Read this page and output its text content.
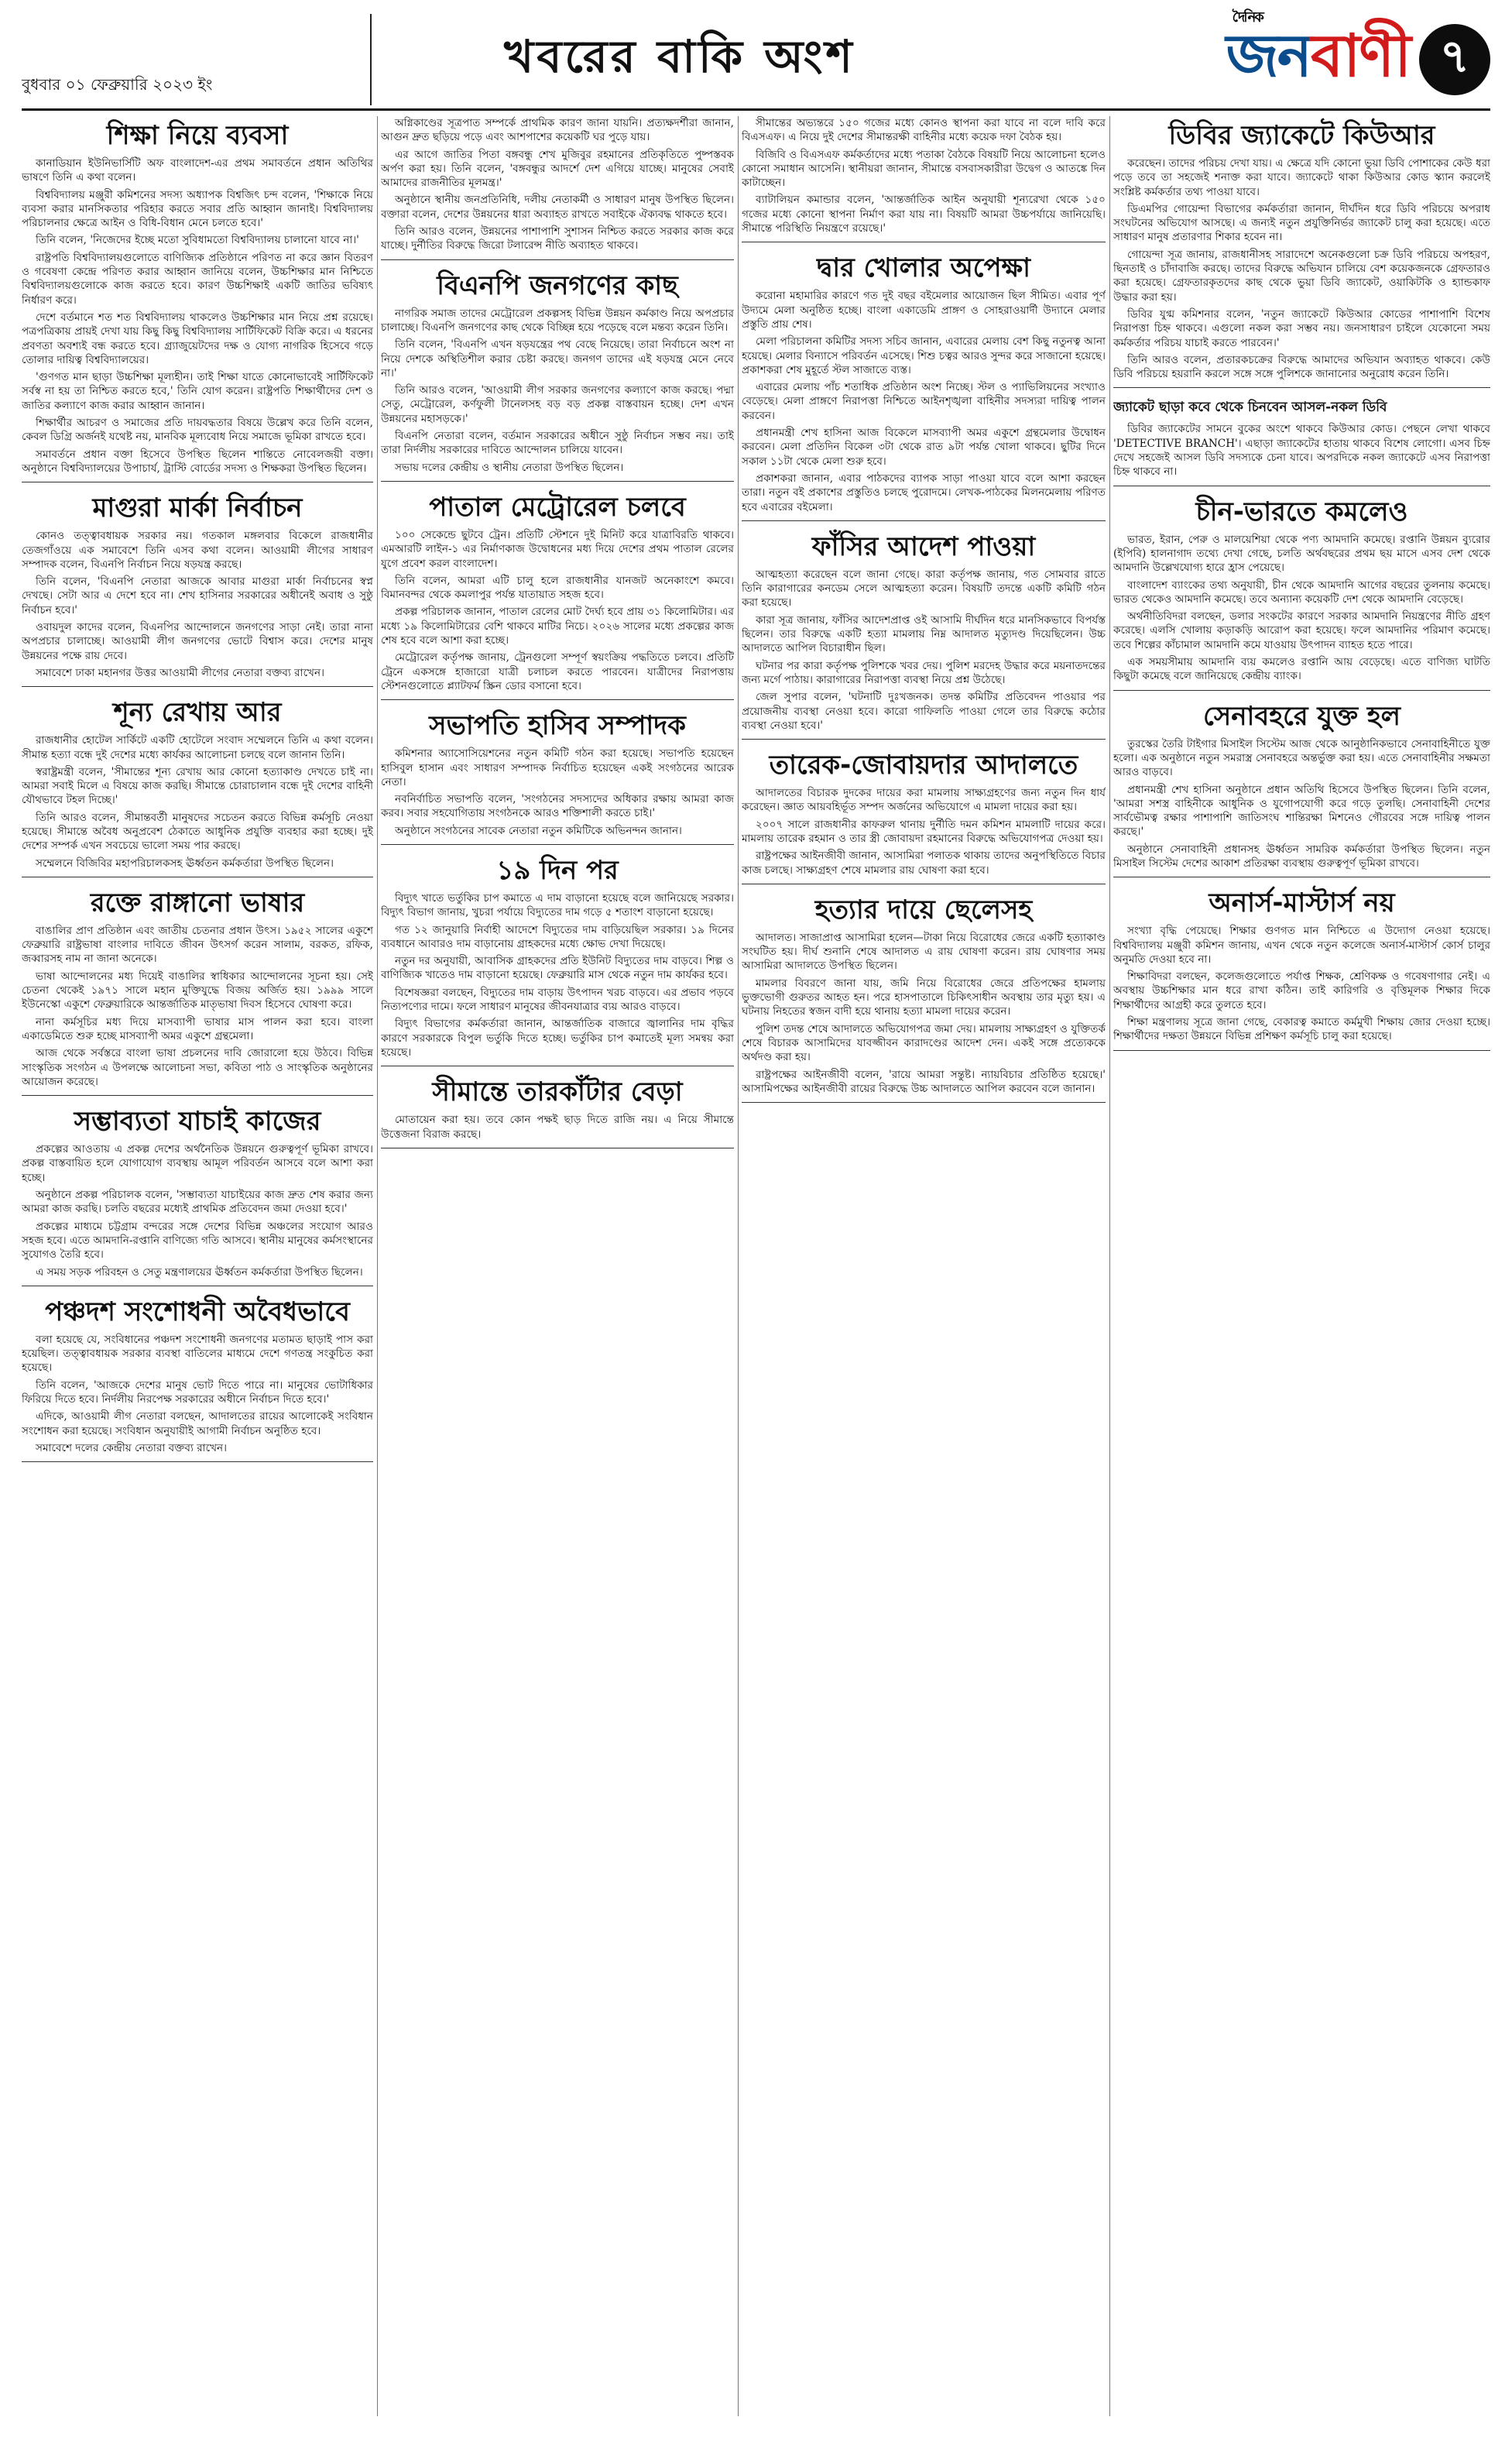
বুধবার ০১ ফেব্রুয়ারি ২০২৩ ইং
খবরের বাকি অংশ
দৈনিক
জনবাণী ৭
শিক্ষা নিয়ে ব্যবসা

কানাডিয়ান ইউনিভার্সিটি অফ বাংলাদেশ-এর প্রথম সমাবর্তনে প্রধান অতিথির ভাষণে তিনি এ কথা বলেন।

বিশ্ববিদ্যালয় মঞ্জুরী কমিশনের সদস্য অধ্যাপক বিশ্বজিৎ চন্দ বলেন, 'শিক্ষাকে নিয়ে ব্যবসা করার মানসিকতার পরিহার করতে সবার প্রতি আহ্বান জানাই। বিশ্ববিদ্যালয় পরিচালনার ক্ষেত্রে আইন ও বিধি-বিধান মেনে চলতে হবে।'

তিনি বলেন, 'নিজেদের ইচ্ছে মতো সুবিধামতো বিশ্ববিদ্যালয় চালানো যাবে না।'

রাষ্ট্রপতি বিশ্ববিদ্যালয়গুলোতে বাণিজ্যিক প্রতিষ্ঠানে পরিণত না করে জ্ঞান বিতরণ ও গবেষণা কেন্দ্রে পরিণত করার আহ্বান জানিয়ে বলেন, উচ্চশিক্ষার মান নিশ্চিতে বিশ্ববিদ্যালয়গুলোকে কাজ করতে হবে। কারণ উচ্চশিক্ষাই একটি জাতির ভবিষ্যৎ নির্ধারণ করে।

দেশে বর্তমানে শত শত বিশ্ববিদ্যালয় থাকলেও উচ্চশিক্ষার মান নিয়ে প্রশ্ন রয়েছে। পত্রপত্রিকায় প্রায়ই দেখা যায় কিছু কিছু বিশ্ববিদ্যালয় সার্টিফিকেট বিক্রি করে। এ ধরনের প্রবণতা অবশ্যই বন্ধ করতে হবে। গ্র্যাজুয়েটদের দক্ষ ও যোগ্য নাগরিক হিসেবে গড়ে তোলার দায়িত্ব বিশ্ববিদ্যালয়ের।

'গুণগত মান ছাড়া উচ্চশিক্ষা মূল্যহীন। তাই শিক্ষা যাতে কোনোভাবেই সার্টিফিকেট সর্বস্ব না হয় তা নিশ্চিত করতে হবে,' তিনি যোগ করেন। রাষ্ট্রপতি শিক্ষার্থীদের দেশ ও জাতির কল্যাণে কাজ করার আহ্বান জানান।

শিক্ষার্থীর আচরণ ও সমাজের প্রতি দায়বদ্ধতার বিষয়ে উল্লেখ করে তিনি বলেন, কেবল ডিগ্রি অর্জনই যথেষ্ট নয়, মানবিক মূল্যবোধ নিয়ে সমাজে ভূমিকা রাখতে হবে।

সমাবর্তনে প্রধান বক্তা হিসেবে উপস্থিত ছিলেন শান্তিতে নোবেলজয়ী বক্তা। অনুষ্ঠানে বিশ্ববিদ্যালয়ের উপাচার্য, ট্রাস্টি বোর্ডের সদস্য ও শিক্ষকরা উপস্থিত ছিলেন।

মাগুরা মার্কা নির্বাচন

কোনও তত্ত্বাবধায়ক সরকার নয়। গতকাল মঙ্গলবার বিকেলে রাজধানীর তেজগাঁওয়ে এক সমাবেশে তিনি এসব কথা বলেন। আওয়ামী লীগের সাধারণ সম্পাদক বলেন, বিএনপি নির্বাচন নিয়ে ষড়যন্ত্র করছে।

তিনি বলেন, 'বিএনপি নেতারা আজকে আবার মাগুরা মার্কা নির্বাচনের স্বপ্ন দেখছে। সেটা আর এ দেশে হবে না। শেখ হাসিনার সরকারের অধীনেই অবাধ ও সুষ্ঠু নির্বাচন হবে।'

ওবায়দুল কাদের বলেন, বিএনপির আন্দোলনে জনগণের সাড়া নেই। তারা নানা অপপ্রচার চালাচ্ছে। আওয়ামী লীগ জনগণের ভোটে বিশ্বাস করে। দেশের মানুষ উন্নয়নের পক্ষে রায় দেবে।

সমাবেশে ঢাকা মহানগর উত্তর আওয়ামী লীগের নেতারা বক্তব্য রাখেন।

শূন্য রেখায় আর

রাজধানীর হোটেল সার্কিটে একটি হোটেলে সংবাদ সম্মেলনে তিনি এ কথা বলেন। সীমান্ত হত্যা বন্ধে দুই দেশের মধ্যে কার্যকর আলোচনা চলছে বলে জানান তিনি।

স্বরাষ্ট্রমন্ত্রী বলেন, 'সীমান্তের শূন্য রেখায় আর কোনো হত্যাকাণ্ড দেখতে চাই না। আমরা সবাই মিলে এ বিষয়ে কাজ করছি। সীমান্তে চোরাচালান বন্ধে দুই দেশের বাহিনী যৌথভাবে টহল দিচ্ছে।'

তিনি আরও বলেন, সীমান্তবর্তী মানুষদের সচেতন করতে বিভিন্ন কর্মসূচি নেওয়া হয়েছে। সীমান্তে অবৈধ অনুপ্রবেশ ঠেকাতে আধুনিক প্রযুক্তি ব্যবহার করা হচ্ছে। দুই দেশের সম্পর্ক এখন সবচেয়ে ভালো সময় পার করছে।

সম্মেলনে বিজিবির মহাপরিচালকসহ ঊর্ধ্বতন কর্মকর্তারা উপস্থিত ছিলেন।

রক্তে রাঙ্গানো ভাষার

বাঙালির প্রাণ প্রতিষ্ঠান এবং জাতীয় চেতনার প্রধান উৎস। ১৯৫২ সালের একুশে ফেব্রুয়ারি রাষ্ট্রভাষা বাংলার দাবিতে জীবন উৎসর্গ করেন সালাম, বরকত, রফিক, জব্বারসহ নাম না জানা অনেকে।

ভাষা আন্দোলনের মধ্য দিয়েই বাঙালির স্বাধিকার আন্দোলনের সূচনা হয়। সেই চেতনা থেকেই ১৯৭১ সালে মহান মুক্তিযুদ্ধে বিজয় অর্জিত হয়। ১৯৯৯ সালে ইউনেস্কো একুশে ফেব্রুয়ারিকে আন্তর্জাতিক মাতৃভাষা দিবস হিসেবে ঘোষণা করে।

নানা কর্মসূচির মধ্য দিয়ে মাসব্যাপী ভাষার মাস পালন করা হবে। বাংলা একাডেমিতে শুরু হচ্ছে মাসব্যাপী অমর একুশে গ্রন্থমেলা।

আজ থেকে সর্বস্তরে বাংলা ভাষা প্রচলনের দাবি জোরালো হয়ে উঠবে। বিভিন্ন সাংস্কৃতিক সংগঠন এ উপলক্ষে আলোচনা সভা, কবিতা পাঠ ও সাংস্কৃতিক অনুষ্ঠানের আয়োজন করেছে।

সম্ভাব্যতা যাচাই কাজের

প্রকল্পের আওতায় এ প্রকল্প দেশের অর্থনৈতিক উন্নয়নে গুরুত্বপূর্ণ ভূমিকা রাখবে। প্রকল্প বাস্তবায়িত হলে যোগাযোগ ব্যবস্থায় আমূল পরিবর্তন আসবে বলে আশা করা হচ্ছে।

অনুষ্ঠানে প্রকল্প পরিচালক বলেন, 'সম্ভাব্যতা যাচাইয়ের কাজ দ্রুত শেষ করার জন্য আমরা কাজ করছি। চলতি বছরের মধ্যেই প্রাথমিক প্রতিবেদন জমা দেওয়া হবে।'

প্রকল্পের মাধ্যমে চট্টগ্রাম বন্দরের সঙ্গে দেশের বিভিন্ন অঞ্চলের সংযোগ আরও সহজ হবে। এতে আমদানি-রপ্তানি বাণিজ্যে গতি আসবে। স্থানীয় মানুষের কর্মসংস্থানের সুযোগও তৈরি হবে।

এ সময় সড়ক পরিবহন ও সেতু মন্ত্রণালয়ের ঊর্ধ্বতন কর্মকর্তারা উপস্থিত ছিলেন।

পঞ্চদশ সংশোধনী অবৈধভাবে

বলা হয়েছে যে, সংবিধানের পঞ্চদশ সংশোধনী জনগণের মতামত ছাড়াই পাস করা হয়েছিল। তত্ত্বাবধায়ক সরকার ব্যবস্থা বাতিলের মাধ্যমে দেশে গণতন্ত্র সংকুচিত করা হয়েছে।

তিনি বলেন, 'আজকে দেশের মানুষ ভোট দিতে পারে না। মানুষের ভোটাধিকার ফিরিয়ে দিতে হবে। নির্দলীয় নিরপেক্ষ সরকারের অধীনে নির্বাচন দিতে হবে।'

এদিকে, আওয়ামী লীগ নেতারা বলছেন, আদালতের রায়ের আলোকেই সংবিধান সংশোধন করা হয়েছে। সংবিধান অনুযায়ীই আগামী নির্বাচন অনুষ্ঠিত হবে।

সমাবেশে দলের কেন্দ্রীয় নেতারা বক্তব্য রাখেন।

অগ্নিকাণ্ডের সূত্রপাত সম্পর্কে প্রাথমিক কারণ জানা যায়নি। প্রত্যক্ষদর্শীরা জানান, আগুন দ্রুত ছড়িয়ে পড়ে এবং আশপাশের কয়েকটি ঘর পুড়ে যায়।

এর আগে জাতির পিতা বঙ্গবন্ধু শেখ মুজিবুর রহমানের প্রতিকৃতিতে পুষ্পস্তবক অর্পণ করা হয়। তিনি বলেন, 'বঙ্গবন্ধুর আদর্শে দেশ এগিয়ে যাচ্ছে। মানুষের সেবাই আমাদের রাজনীতির মূলমন্ত্র।'

অনুষ্ঠানে স্থানীয় জনপ্রতিনিধি, দলীয় নেতাকর্মী ও সাধারণ মানুষ উপস্থিত ছিলেন। বক্তারা বলেন, দেশের উন্নয়নের ধারা অব্যাহত রাখতে সবাইকে ঐক্যবদ্ধ থাকতে হবে।

তিনি আরও বলেন, উন্নয়নের পাশাপাশি সুশাসন নিশ্চিত করতে সরকার কাজ করে যাচ্ছে। দুর্নীতির বিরুদ্ধে জিরো টলারেন্স নীতি অব্যাহত থাকবে।

বিএনপি জনগণের কাছ

নাগরিক সমাজ তাদের মেট্রোরেল প্রকল্পসহ বিভিন্ন উন্নয়ন কর্মকাণ্ড নিয়ে অপপ্রচার চালাচ্ছে। বিএনপি জনগণের কাছ থেকে বিচ্ছিন্ন হয়ে পড়েছে বলে মন্তব্য করেন তিনি।

তিনি বলেন, 'বিএনপি এখন ষড়যন্ত্রের পথ বেছে নিয়েছে। তারা নির্বাচনে অংশ না নিয়ে দেশকে অস্থিতিশীল করার চেষ্টা করছে। জনগণ তাদের এই ষড়যন্ত্র মেনে নেবে না।'

তিনি আরও বলেন, 'আওয়ামী লীগ সরকার জনগণের কল্যাণে কাজ করছে। পদ্মা সেতু, মেট্রোরেল, কর্ণফুলী টানেলসহ বড় বড় প্রকল্প বাস্তবায়ন হচ্ছে। দেশ এখন উন্নয়নের মহাসড়কে।'

বিএনপি নেতারা বলেন, বর্তমান সরকারের অধীনে সুষ্ঠু নির্বাচন সম্ভব নয়। তাই তারা নির্দলীয় সরকারের দাবিতে আন্দোলন চালিয়ে যাবেন।

সভায় দলের কেন্দ্রীয় ও স্থানীয় নেতারা উপস্থিত ছিলেন।

পাতাল মেট্রোরেল চলবে

১০০ সেকেন্ডে ছুটবে ট্রেন। প্রতিটি স্টেশনে দুই মিনিট করে যাত্রাবিরতি থাকবে। এমআরটি লাইন-১ এর নির্মাণকাজ উদ্বোধনের মধ্য দিয়ে দেশের প্রথম পাতাল রেলের যুগে প্রবেশ করল বাংলাদেশ।

তিনি বলেন, আমরা এটি চালু হলে রাজধানীর যানজট অনেকাংশে কমবে। বিমানবন্দর থেকে কমলাপুর পর্যন্ত যাতায়াত সহজ হবে।

প্রকল্প পরিচালক জানান, পাতাল রেলের মোট দৈর্ঘ্য হবে প্রায় ৩১ কিলোমিটার। এর মধ্যে ১৯ কিলোমিটারের বেশি থাকবে মাটির নিচে। ২০২৬ সালের মধ্যে প্রকল্পের কাজ শেষ হবে বলে আশা করা হচ্ছে।

মেট্রোরেল কর্তৃপক্ষ জানায়, ট্রেনগুলো সম্পূর্ণ স্বয়ংক্রিয় পদ্ধতিতে চলবে। প্রতিটি ট্রেনে একসঙ্গে হাজারো যাত্রী চলাচল করতে পারবেন। যাত্রীদের নিরাপত্তায় স্টেশনগুলোতে প্ল্যাটফর্ম স্ক্রিন ডোর বসানো হবে।

সভাপতি হাসিব সম্পাদক

কমিশনার অ্যাসোসিয়েশনের নতুন কমিটি গঠন করা হয়েছে। সভাপতি হয়েছেন হাসিবুল হাসান এবং সাধারণ সম্পাদক নির্বাচিত হয়েছেন একই সংগঠনের আরেক নেতা।

নবনির্বাচিত সভাপতি বলেন, 'সংগঠনের সদস্যদের অধিকার রক্ষায় আমরা কাজ করব। সবার সহযোগিতায় সংগঠনকে আরও শক্তিশালী করতে চাই।'

অনুষ্ঠানে সংগঠনের সাবেক নেতারা নতুন কমিটিকে অভিনন্দন জানান।

১৯ দিন পর

বিদ্যুৎ খাতে ভর্তুকির চাপ কমাতে এ দাম বাড়ানো হয়েছে বলে জানিয়েছে সরকার। বিদ্যুৎ বিভাগ জানায়, খুচরা পর্যায়ে বিদ্যুতের দাম গড়ে ৫ শতাংশ বাড়ানো হয়েছে।

গত ১২ জানুয়ারি নির্বাহী আদেশে বিদ্যুতের দাম বাড়িয়েছিল সরকার। ১৯ দিনের ব্যবধানে আবারও দাম বাড়ানোয় গ্রাহকদের মধ্যে ক্ষোভ দেখা দিয়েছে।

নতুন দর অনুযায়ী, আবাসিক গ্রাহকদের প্রতি ইউনিট বিদ্যুতের দাম বাড়বে। শিল্প ও বাণিজ্যিক খাতেও দাম বাড়ানো হয়েছে। ফেব্রুয়ারি মাস থেকে নতুন দাম কার্যকর হবে।

বিশেষজ্ঞরা বলছেন, বিদ্যুতের দাম বাড়ায় উৎপাদন খরচ বাড়বে। এর প্রভাব পড়বে নিত্যপণ্যের দামে। ফলে সাধারণ মানুষের জীবনযাত্রার ব্যয় আরও বাড়বে।

বিদ্যুৎ বিভাগের কর্মকর্তারা জানান, আন্তর্জাতিক বাজারে জ্বালানির দাম বৃদ্ধির কারণে সরকারকে বিপুল ভর্তুকি দিতে হচ্ছে। ভর্তুকির চাপ কমাতেই মূল্য সমন্বয় করা হয়েছে।

সীমান্তে তারকাঁটার বেড়া

মোতায়েন করা হয়। তবে কোন পক্ষই ছাড় দিতে রাজি নয়। এ নিয়ে সীমান্তে উত্তেজনা বিরাজ করছে।

সীমান্তের অভ্যন্তরে ১৫০ গজের মধ্যে কোনও স্থাপনা করা যাবে না বলে দাবি করে বিএসএফ। এ নিয়ে দুই দেশের সীমান্তরক্ষী বাহিনীর মধ্যে কয়েক দফা বৈঠক হয়।

বিজিবি ও বিএসএফ কর্মকর্তাদের মধ্যে পতাকা বৈঠকে বিষয়টি নিয়ে আলোচনা হলেও কোনো সমাধান আসেনি। স্থানীয়রা জানান, সীমান্তে বসবাসকারীরা উদ্বেগ ও আতঙ্কে দিন কাটাচ্ছেন।

ব্যাটালিয়ন কমান্ডার বলেন, 'আন্তর্জাতিক আইন অনুযায়ী শূন্যরেখা থেকে ১৫০ গজের মধ্যে কোনো স্থাপনা নির্মাণ করা যায় না। বিষয়টি আমরা উচ্চপর্যায়ে জানিয়েছি। সীমান্তে পরিস্থিতি নিয়ন্ত্রণে রয়েছে।'

দ্বার খোলার অপেক্ষা

করোনা মহামারির কারণে গত দুই বছর বইমেলার আয়োজন ছিল সীমিত। এবার পূর্ণ উদ্যমে মেলা অনুষ্ঠিত হচ্ছে। বাংলা একাডেমি প্রাঙ্গণ ও সোহরাওয়ার্দী উদ্যানে মেলার প্রস্তুতি প্রায় শেষ।

মেলা পরিচালনা কমিটির সদস্য সচিব জানান, এবারের মেলায় বেশ কিছু নতুনত্ব আনা হয়েছে। মেলার বিন্যাসে পরিবর্তন এসেছে। শিশু চত্বর আরও সুন্দর করে সাজানো হয়েছে। প্রকাশকরা শেষ মুহূর্তে স্টল সাজাতে ব্যস্ত।

এবারের মেলায় পাঁচ শতাধিক প্রতিষ্ঠান অংশ নিচ্ছে। স্টল ও প্যাভিলিয়নের সংখ্যাও বেড়েছে। মেলা প্রাঙ্গণে নিরাপত্তা নিশ্চিতে আইনশৃঙ্খলা বাহিনীর সদস্যরা দায়িত্ব পালন করবেন।

প্রধানমন্ত্রী শেখ হাসিনা আজ বিকেলে মাসব্যাপী অমর একুশে গ্রন্থমেলার উদ্বোধন করবেন। মেলা প্রতিদিন বিকেল ৩টা থেকে রাত ৯টা পর্যন্ত খোলা থাকবে। ছুটির দিনে সকাল ১১টা থেকে মেলা শুরু হবে।

প্রকাশকরা জানান, এবার পাঠকদের ব্যাপক সাড়া পাওয়া যাবে বলে আশা করছেন তারা। নতুন বই প্রকাশের প্রস্তুতিও চলছে পুরোদমে। লেখক-পাঠকের মিলনমেলায় পরিণত হবে এবারের বইমেলা।

ফাঁসির আদেশ পাওয়া

আত্মহত্যা করেছেন বলে জানা গেছে। কারা কর্তৃপক্ষ জানায়, গত সোমবার রাতে তিনি কারাগারের কনডেম সেলে আত্মহত্যা করেন। বিষয়টি তদন্তে একটি কমিটি গঠন করা হয়েছে।

কারা সূত্র জানায়, ফাঁসির আদেশপ্রাপ্ত ওই আসামি দীর্ঘদিন ধরে মানসিকভাবে বিপর্যস্ত ছিলেন। তার বিরুদ্ধে একটি হত্যা মামলায় নিম্ন আদালত মৃত্যুদণ্ড দিয়েছিলেন। উচ্চ আদালতে আপিল বিচারাধীন ছিল।

ঘটনার পর কারা কর্তৃপক্ষ পুলিশকে খবর দেয়। পুলিশ মরদেহ উদ্ধার করে ময়নাতদন্তের জন্য মর্গে পাঠায়। কারাগারের নিরাপত্তা ব্যবস্থা নিয়ে প্রশ্ন উঠেছে।

জেল সুপার বলেন, 'ঘটনাটি দুঃখজনক। তদন্ত কমিটির প্রতিবেদন পাওয়ার পর প্রয়োজনীয় ব্যবস্থা নেওয়া হবে। কারো গাফিলতি পাওয়া গেলে তার বিরুদ্ধে কঠোর ব্যবস্থা নেওয়া হবে।'

তারেক-জোবায়দার আদালতে

আদালতের বিচারক দুদকের দায়ের করা মামলায় সাক্ষ্যগ্রহণের জন্য নতুন দিন ধার্য করেছেন। জ্ঞাত আয়বহির্ভূত সম্পদ অর্জনের অভিযোগে এ মামলা দায়ের করা হয়।

২০০৭ সালে রাজধানীর কাফরুল থানায় দুর্নীতি দমন কমিশন মামলাটি দায়ের করে। মামলায় তারেক রহমান ও তার স্ত্রী জোবায়দা রহমানের বিরুদ্ধে অভিযোগপত্র দেওয়া হয়।

রাষ্ট্রপক্ষের আইনজীবী জানান, আসামিরা পলাতক থাকায় তাদের অনুপস্থিতিতে বিচার কাজ চলছে। সাক্ষ্যগ্রহণ শেষে মামলার রায় ঘোষণা করা হবে।

হত্যার দায়ে ছেলেসহ

আদালত। সাজাপ্রাপ্ত আসামিরা হলেন—টাকা নিয়ে বিরোধের জেরে একটি হত্যাকাণ্ড সংঘটিত হয়। দীর্ঘ শুনানি শেষে আদালত এ রায় ঘোষণা করেন। রায় ঘোষণার সময় আসামিরা আদালতে উপস্থিত ছিলেন।

মামলার বিবরণে জানা যায়, জমি নিয়ে বিরোধের জেরে প্রতিপক্ষের হামলায় ভুক্তভোগী গুরুতর আহত হন। পরে হাসপাতালে চিকিৎসাধীন অবস্থায় তার মৃত্যু হয়। এ ঘটনায় নিহতের স্বজন বাদী হয়ে থানায় হত্যা মামলা দায়ের করেন।

পুলিশ তদন্ত শেষে আদালতে অভিযোগপত্র জমা দেয়। মামলায় সাক্ষ্যগ্রহণ ও যুক্তিতর্ক শেষে বিচারক আসামিদের যাবজ্জীবন কারাদণ্ডের আদেশ দেন। একই সঙ্গে প্রত্যেককে অর্থদণ্ড করা হয়।

রাষ্ট্রপক্ষের আইনজীবী বলেন, 'রায়ে আমরা সন্তুষ্ট। ন্যায়বিচার প্রতিষ্ঠিত হয়েছে।' আসামিপক্ষের আইনজীবী রায়ের বিরুদ্ধে উচ্চ আদালতে আপিল করবেন বলে জানান।

ডিবির জ্যাকেটে কিউআর

করেছেন। তাদের পরিচয় দেখা যায়। এ ক্ষেত্রে যদি কোনো ভুয়া ডিবি পোশাকের কেউ ধরা পড়ে তবে তা সহজেই শনাক্ত করা যাবে। জ্যাকেটে থাকা কিউআর কোড স্ক্যান করলেই সংশ্লিষ্ট কর্মকর্তার তথ্য পাওয়া যাবে।

ডিএমপির গোয়েন্দা বিভাগের কর্মকর্তারা জানান, দীর্ঘদিন ধরে ডিবি পরিচয়ে অপরাধ সংঘটনের অভিযোগ আসছে। এ জন্যই নতুন প্রযুক্তিনির্ভর জ্যাকেট চালু করা হয়েছে। এতে সাধারণ মানুষ প্রতারণার শিকার হবেন না।

গোয়েন্দা সূত্র জানায়, রাজধানীসহ সারাদেশে অনেকগুলো চক্র ডিবি পরিচয়ে অপহরণ, ছিনতাই ও চাঁদাবাজি করছে। তাদের বিরুদ্ধে অভিযান চালিয়ে বেশ কয়েকজনকে গ্রেফতারও করা হয়েছে। গ্রেফতারকৃতদের কাছ থেকে ভুয়া ডিবি জ্যাকেট, ওয়াকিটকি ও হ্যান্ডকাফ উদ্ধার করা হয়।

ডিবির যুগ্ম কমিশনার বলেন, 'নতুন জ্যাকেটে কিউআর কোডের পাশাপাশি বিশেষ নিরাপত্তা চিহ্ন থাকবে। এগুলো নকল করা সম্ভব নয়। জনসাধারণ চাইলে যেকোনো সময় কর্মকর্তার পরিচয় যাচাই করতে পারবেন।'

তিনি আরও বলেন, প্রতারকচক্রের বিরুদ্ধে আমাদের অভিযান অব্যাহত থাকবে। কেউ ডিবি পরিচয়ে হয়রানি করলে সঙ্গে সঙ্গে পুলিশকে জানানোর অনুরোধ করেন তিনি।

জ্যাকেট ছাড়া কবে থেকে চিনবেন আসল-নকল ডিবি

ডিবির জ্যাকেটের সামনে বুকের অংশে থাকবে কিউআর কোড। পেছনে লেখা থাকবে 'DETECTIVE BRANCH'। এছাড়া জ্যাকেটের হাতায় থাকবে বিশেষ লোগো। এসব চিহ্ন দেখে সহজেই আসল ডিবি সদস্যকে চেনা যাবে। অপরদিকে নকল জ্যাকেটে এসব নিরাপত্তা চিহ্ন থাকবে না।

চীন-ভারতে কমলেও

ভারত, ইরান, পেরু ও মালয়েশিয়া থেকে পণ্য আমদানি কমেছে। রপ্তানি উন্নয়ন ব্যুরোর (ইপিবি) হালনাগাদ তথ্যে দেখা গেছে, চলতি অর্থবছরের প্রথম ছয় মাসে এসব দেশ থেকে আমদানি উল্লেখযোগ্য হারে হ্রাস পেয়েছে।

বাংলাদেশ ব্যাংকের তথ্য অনুযায়ী, চীন থেকে আমদানি আগের বছরের তুলনায় কমেছে। ভারত থেকেও আমদানি কমেছে। তবে অন্যান্য কয়েকটি দেশ থেকে আমদানি বেড়েছে।

অর্থনীতিবিদরা বলছেন, ডলার সংকটের কারণে সরকার আমদানি নিয়ন্ত্রণের নীতি গ্রহণ করেছে। এলসি খোলায় কড়াকড়ি আরোপ করা হয়েছে। ফলে আমদানির পরিমাণ কমেছে। তবে শিল্পের কাঁচামাল আমদানি কমে যাওয়ায় উৎপাদন ব্যাহত হতে পারে।

এক সময়সীমায় আমদানি ব্যয় কমলেও রপ্তানি আয় বেড়েছে। এতে বাণিজ্য ঘাটতি কিছুটা কমেছে বলে জানিয়েছে কেন্দ্রীয় ব্যাংক।

সেনাবহরে যুক্ত হল

তুরস্কের তৈরি টাইগার মিসাইল সিস্টেম আজ থেকে আনুষ্ঠানিকভাবে সেনাবাহিনীতে যুক্ত হলো। এক অনুষ্ঠানে নতুন সমরাস্ত্র সেনাবহরে অন্তর্ভুক্ত করা হয়। এতে সেনাবাহিনীর সক্ষমতা আরও বাড়বে।

প্রধানমন্ত্রী শেখ হাসিনা অনুষ্ঠানে প্রধান অতিথি হিসেবে উপস্থিত ছিলেন। তিনি বলেন, 'আমরা সশস্ত্র বাহিনীকে আধুনিক ও যুগোপযোগী করে গড়ে তুলছি। সেনাবাহিনী দেশের সার্বভৌমত্ব রক্ষার পাশাপাশি জাতিসংঘ শান্তিরক্ষা মিশনেও গৌরবের সঙ্গে দায়িত্ব পালন করছে।'

অনুষ্ঠানে সেনাবাহিনী প্রধানসহ ঊর্ধ্বতন সামরিক কর্মকর্তারা উপস্থিত ছিলেন। নতুন মিসাইল সিস্টেম দেশের আকাশ প্রতিরক্ষা ব্যবস্থায় গুরুত্বপূর্ণ ভূমিকা রাখবে।

অনার্স-মাস্টার্স নয়

সংখ্যা বৃদ্ধি পেয়েছে। শিক্ষার গুণগত মান নিশ্চিতে এ উদ্যোগ নেওয়া হয়েছে। বিশ্ববিদ্যালয় মঞ্জুরী কমিশন জানায়, এখন থেকে নতুন কলেজে অনার্স-মাস্টার্স কোর্স চালুর অনুমতি দেওয়া হবে না।

শিক্ষাবিদরা বলছেন, কলেজগুলোতে পর্যাপ্ত শিক্ষক, শ্রেণিকক্ষ ও গবেষণাগার নেই। এ অবস্থায় উচ্চশিক্ষার মান ধরে রাখা কঠিন। তাই কারিগরি ও বৃত্তিমূলক শিক্ষার দিকে শিক্ষার্থীদের আগ্রহী করে তুলতে হবে।

শিক্ষা মন্ত্রণালয় সূত্রে জানা গেছে, বেকারত্ব কমাতে কর্মমুখী শিক্ষায় জোর দেওয়া হচ্ছে। শিক্ষার্থীদের দক্ষতা উন্নয়নে বিভিন্ন প্রশিক্ষণ কর্মসূচি চালু করা হয়েছে।
